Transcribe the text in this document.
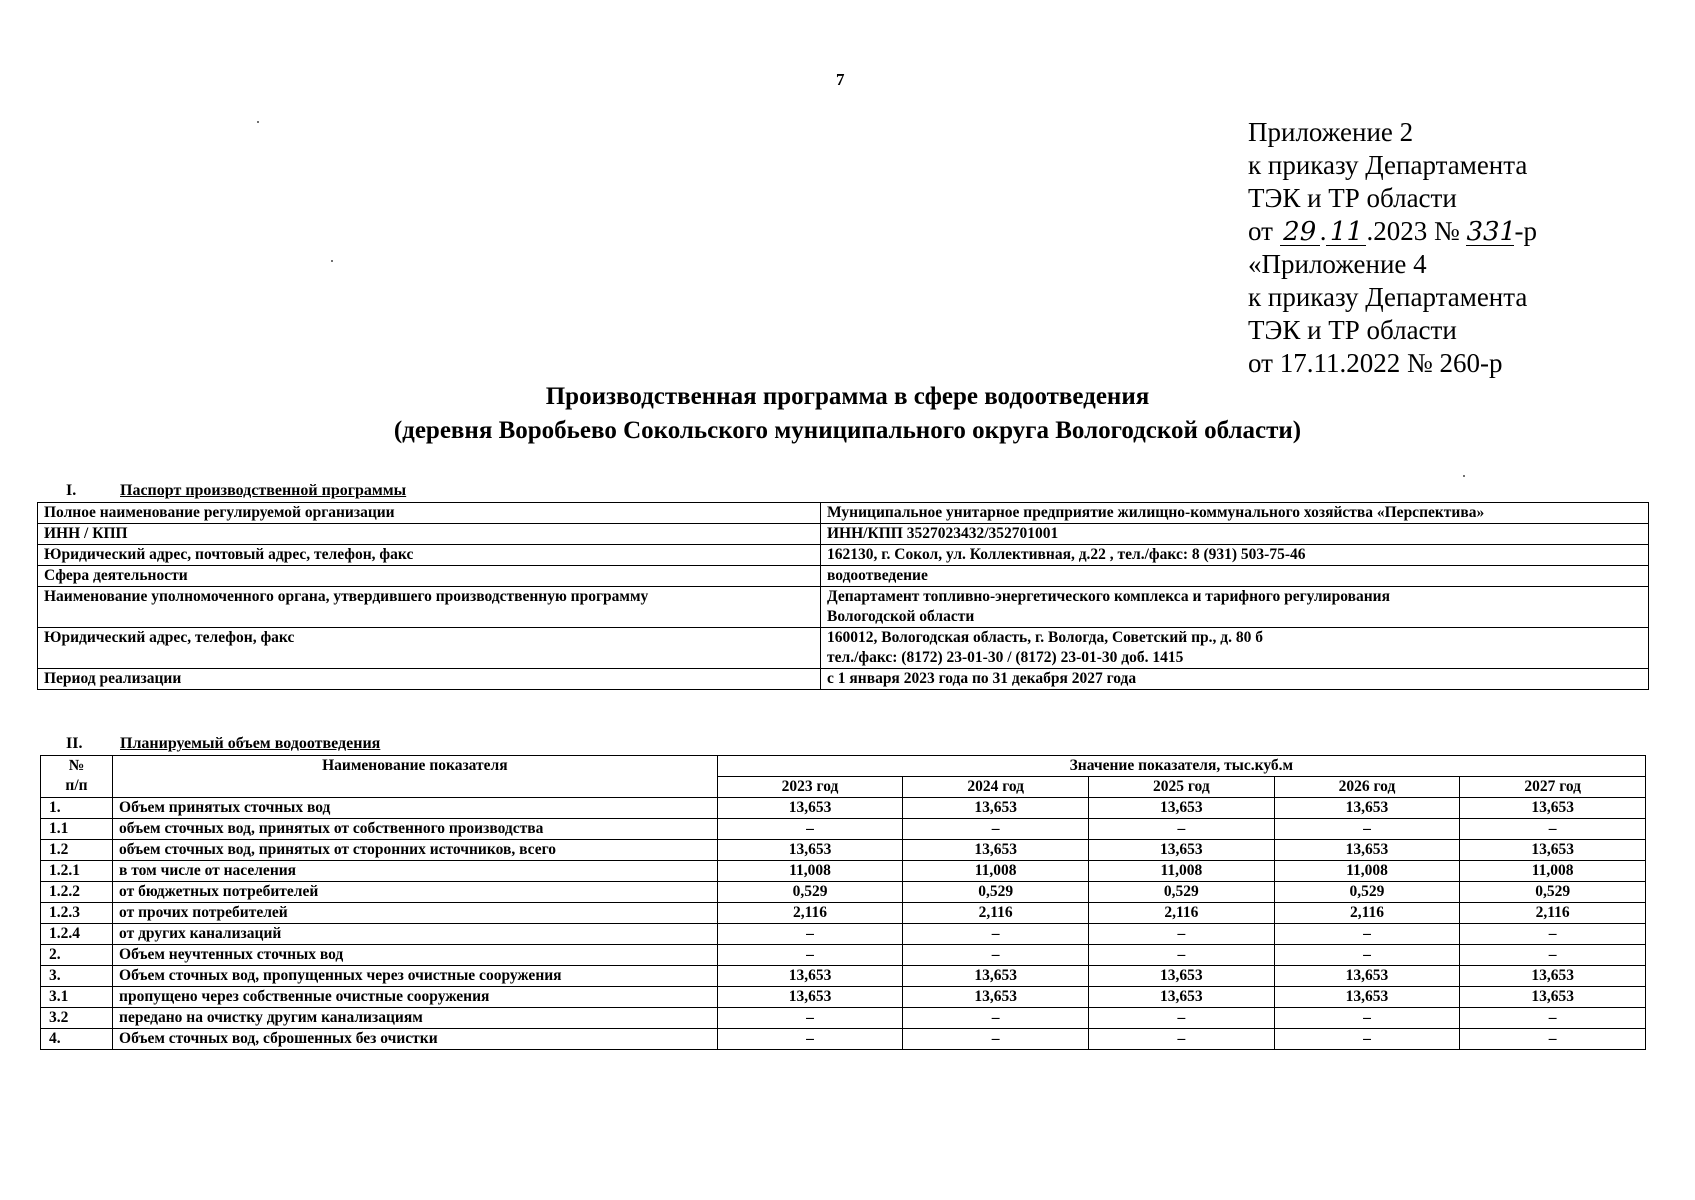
7
Приложение 2
к приказу Департамента
ТЭК и ТР области
от 29 . 11 .2023 № 331-р
«Приложение 4
к приказу Департамента
ТЭК и ТР области
от 17.11.2022 № 260-р
Производственная программа в сфере водоотведения
(деревня Воробьево Сокольского муниципального округа Вологодской области)
I.	Паспорт производственной программы
Полное наименование регулируемой организации	Муниципальное унитарное предприятие жилищно-коммунального хозяйства «Перспектива»

ИНН / КПП	ИНН/КПП 3527023432/352701001

Юридический адрес, почтовый адрес, телефон, факс	162130, г. Сокол, ул. Коллективная, д.22 , тел./факс: 8 (931) 503-75-46

Сфера деятельности	водоотведение

Наименование уполномоченного органа, утвердившего производственную программу	Департамент топливно-энергетического комплекса и тарифного регулирования
Вологодской области

Юридический адрес, телефон, факс	160012, Вологодская область, г. Вологда, Советский пр., д. 80 б
тел./факс: (8172) 23-01-30 / (8172) 23-01-30 доб. 1415

Период реализации	с 1 января 2023 года по 31 декабря 2027 года
II. Планируемый объем водоотведения
№
п/п	Наименование показателя	Значение показателя, тыс.куб.м				
		2023 год	2024 год	2025 год	2026 год	2027 год
1.	Объем принятых сточных вод	13,653	13,653	13,653	13,653	13,653
1.1	объем сточных вод, принятых от собственного производства	–	–	–	–	–
1.2	объем сточных вод, принятых от сторонних источников, всего	13,653	13,653	13,653	13,653	13,653
1.2.1	в том числе от населения	11,008	11,008	11,008	11,008	11,008
1.2.2	от бюджетных потребителей	0,529	0,529	0,529	0,529	0,529
1.2.3	от прочих потребителей	2,116	2,116	2,116	2,116	2,116
1.2.4	от других канализаций	–	–	–	–	–
2.	Объем неучтенных сточных вод	–	–	–	–	–
3.	Объем сточных вод, пропущенных через очистные сооружения	13,653	13,653	13,653	13,653	13,653
3.1	пропущено через собственные очистные сооружения	13,653	13,653	13,653	13,653	13,653
3.2	передано на очистку другим канализациям	–	–	–	–	–
4.	Объем сточных вод, сброшенных без очистки	–	–	–	–	–
